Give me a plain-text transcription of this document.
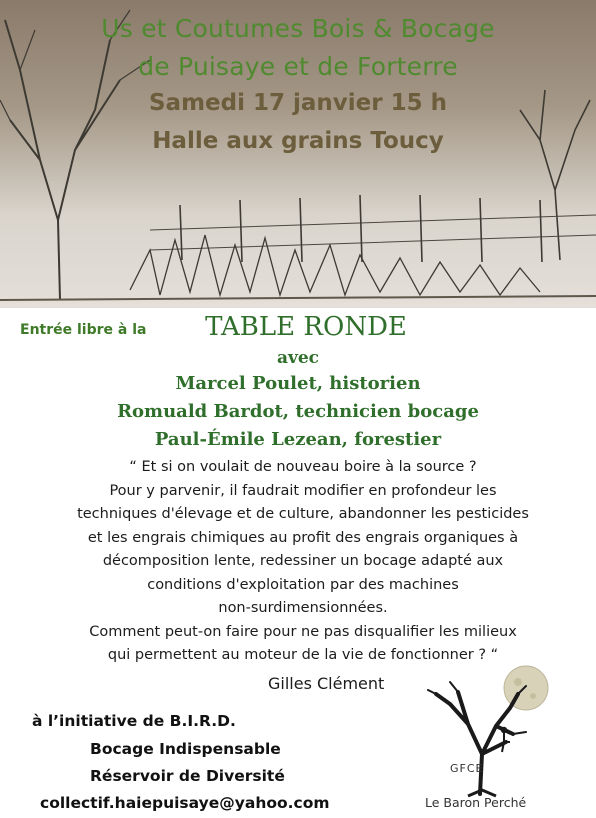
Us et Coutumes Bois & Bocage
de Puisaye et de Forterre
Samedi 17 janvier 15 h
Halle aux grains Toucy
Entrée libre à la	TABLE RONDE
avec
Marcel Poulet, historien
Romuald Bardot, technicien bocage
Paul-Émile Lezean, forestier
“ Et si on voulait de nouveau boire à la source ?
Pour y parvenir, il faudrait modifier en profondeur les
techniques d'élevage et de culture, abandonner les pesticides
et les engrais chimiques au profit des engrais organiques à
décomposition lente, redessiner un bocage adapté aux
conditions d'exploitation par des machines
non-surdimensionnées.
Comment peut-on faire pour ne pas disqualifier les milieux
qui permettent au moteur de la vie de fonctionner ? “
Gilles Clément
à l’initiative de B.I.R.D.
Bocage Indispensable
Réservoir de Diversité
collectif.haiepuisaye@yahoo.com
GFCE
Le Baron Perché
